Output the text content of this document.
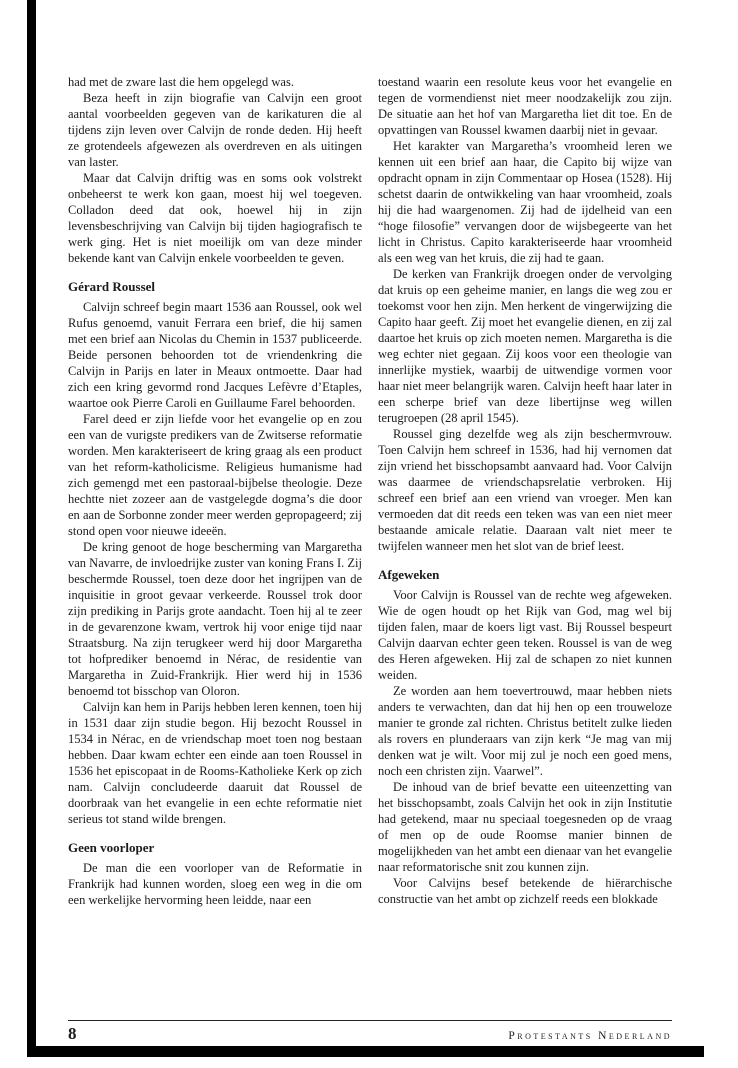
had met de zware last die hem opgelegd was.

Beza heeft in zijn biografie van Calvijn een groot aantal voorbeelden gegeven van de karikaturen die al tijdens zijn leven over Calvijn de ronde deden. Hij heeft ze grotendeels afgewezen als overdreven en als uitingen van laster.

Maar dat Calvijn driftig was en soms ook volstrekt onbeheerst te werk kon gaan, moest hij wel toegeven. Colladon deed dat ook, hoewel hij in zijn levensbeschrijving van Calvijn bij tijden hagiografisch te werk ging. Het is niet moeilijk om van deze minder bekende kant van Calvijn enkele voorbeelden te geven.

Gérard Roussel

Calvijn schreef begin maart 1536 aan Roussel, ook wel Rufus genoemd, vanuit Ferrara een brief, die hij samen met een brief aan Nicolas du Chemin in 1537 publiceerde. Beide personen behoorden tot de vriendenkring die Calvijn in Parijs en later in Meaux ontmoette. Daar had zich een kring gevormd rond Jacques Lefèvre d’Etaples, waartoe ook Pierre Caroli en Guillaume Farel behoorden.

Farel deed er zijn liefde voor het evangelie op en zou een van de vurigste predikers van de Zwitserse reformatie worden. Men karakteriseert de kring graag als een product van het reform-katholicisme. Religieus humanisme had zich gemengd met een pastoraal-bijbelse theologie. Deze hechtte niet zozeer aan de vastgelegde dogma’s die door en aan de Sorbonne zonder meer werden gepropageerd; zij stond open voor nieuwe ideeën.

De kring genoot de hoge bescherming van Margaretha van Navarre, de invloedrijke zuster van koning Frans I. Zij beschermde Roussel, toen deze door het ingrijpen van de inquisitie in groot gevaar verkeerde. Roussel trok door zijn prediking in Parijs grote aandacht. Toen hij al te zeer in de gevarenzone kwam, vertrok hij voor enige tijd naar Straatsburg. Na zijn terugkeer werd hij door Margaretha tot hofprediker benoemd in Nérac, de residentie van Margaretha in Zuid-Frankrijk. Hier werd hij in 1536 benoemd tot bisschop van Oloron.

Calvijn kan hem in Parijs hebben leren kennen, toen hij in 1531 daar zijn studie begon. Hij bezocht Roussel in 1534 in Nérac, en de vriendschap moet toen nog bestaan hebben. Daar kwam echter een einde aan toen Roussel in 1536 het episcopaat in de Rooms-Katholieke Kerk op zich nam. Calvijn concludeerde daaruit dat Roussel de doorbraak van het evangelie in een echte reformatie niet serieus tot stand wilde brengen.

Geen voorloper

De man die een voorloper van de Reformatie in Frankrijk had kunnen worden, sloeg een weg in die om een werkelijke hervorming heen leidde, naar een

toestand waarin een resolute keus voor het evangelie en tegen de vormendienst niet meer noodzakelijk zou zijn. De situatie aan het hof van Margaretha liet dit toe. En de opvattingen van Roussel kwamen daarbij niet in gevaar.

Het karakter van Margaretha’s vroomheid leren we kennen uit een brief aan haar, die Capito bij wijze van opdracht opnam in zijn Commentaar op Hosea (1528). Hij schetst daarin de ontwikkeling van haar vroomheid, zoals hij die had waargenomen. Zij had de ijdelheid van een “hoge filosofie” vervangen door de wijsbegeerte van het licht in Christus. Capito karakteriseerde haar vroomheid als een weg van het kruis, die zij had te gaan.

De kerken van Frankrijk droegen onder de vervolging dat kruis op een geheime manier, en langs die weg zou er toekomst voor hen zijn. Men herkent de vingerwijzing die Capito haar geeft. Zij moet het evangelie dienen, en zij zal daartoe het kruis op zich moeten nemen. Margaretha is die weg echter niet gegaan. Zij koos voor een theologie van innerlijke mystiek, waarbij de uitwendige vormen voor haar niet meer belangrijk waren. Calvijn heeft haar later in een scherpe brief van deze libertijnse weg willen terugroepen (28 april 1545).

Roussel ging dezelfde weg als zijn beschermvrouw. Toen Calvijn hem schreef in 1536, had hij vernomen dat zijn vriend het bisschopsambt aanvaard had. Voor Calvijn was daarmee de vriendschapsrelatie verbroken. Hij schreef een brief aan een vriend van vroeger. Men kan vermoeden dat dit reeds een teken was van een niet meer bestaande amicale relatie. Daaraan valt niet meer te twijfelen wanneer men het slot van de brief leest.

Afgeweken

Voor Calvijn is Roussel van de rechte weg afgeweken. Wie de ogen houdt op het Rijk van God, mag wel bij tijden falen, maar de koers ligt vast. Bij Roussel bespeurt Calvijn daarvan echter geen teken. Roussel is van de weg des Heren afgeweken. Hij zal de schapen zo niet kunnen weiden.

Ze worden aan hem toevertrouwd, maar hebben niets anders te verwachten, dan dat hij hen op een trouweloze manier te gronde zal richten. Christus betitelt zulke lieden als rovers en plunderaars van zijn kerk “Je mag van mij denken wat je wilt. Voor mij zul je noch een goed mens, noch een christen zijn. Vaarwel”.

De inhoud van de brief bevatte een uiteenzetting van het bisschopsambt, zoals Calvijn het ook in zijn Institutie had getekend, maar nu speciaal toegesneden op de vraag of men op de oude Roomse manier binnen de mogelijkheden van het ambt een dienaar van het evangelie naar reformatorische snit zou kunnen zijn.

Voor Calvijns besef betekende de hiërarchische constructie van het ambt op zichzelf reeds een blokkade

8	Protestants Nederland
